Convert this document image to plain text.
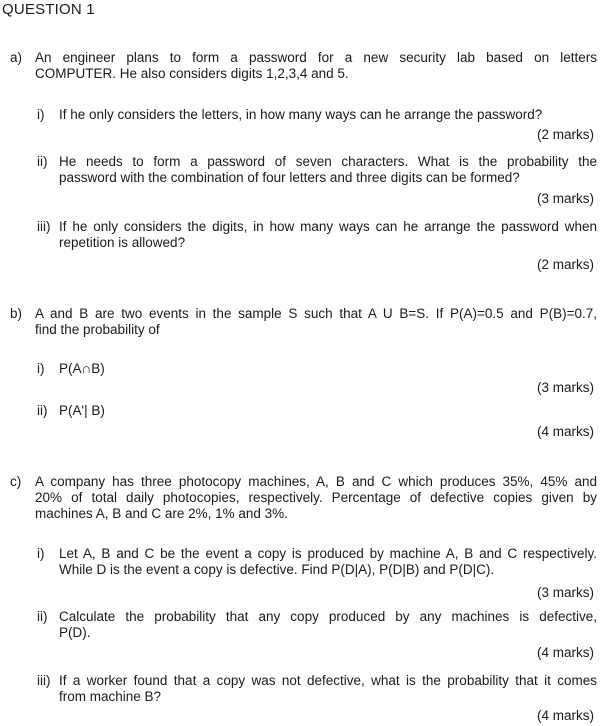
QUESTION 1
a) An engineer plans to form a password for a new security lab based on letters
COMPUTER. He also considers digits 1,2,3,4 and 5.
i) If he only considers the letters, in how many ways can he arrange the password?
(2 marks)
ii) He needs to form a password of seven characters. What is the probability the
password with the combination of four letters and three digits can be formed?
(3 marks)
iii) If he only considers the digits, in how many ways can he arrange the password when
repetition is allowed?
(2 marks)
b) A and B are two events in the sample S such that A U B=S. If P(A)=0.5 and P(B)=0.7,
find the probability of
i) P(A∩B)
(3 marks)
ii) P(A'| B)
(4 marks)
c) A company has three photocopy machines, A, B and C which produces 35%, 45% and
20% of total daily photocopies, respectively. Percentage of defective copies given by
machines A, B and C are 2%, 1% and 3%.
i) Let A, B and C be the event a copy is produced by machine A, B and C respectively.
While D is the event a copy is defective. Find P(D|A), P(D|B) and P(D|C).
(3 marks)
ii) Calculate the probability that any copy produced by any machines is defective,
P(D).
(4 marks)
iii) If a worker found that a copy was not defective, what is the probability that it comes
from machine B?
(4 marks)
